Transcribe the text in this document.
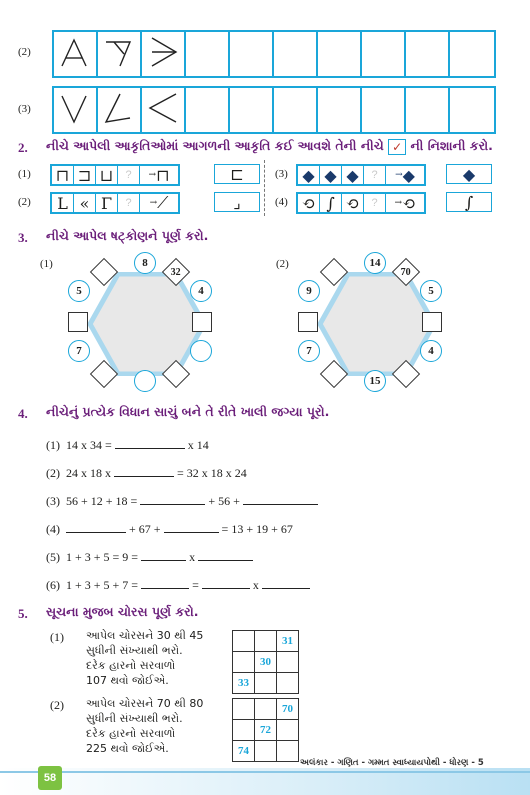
(2)
(3)
2. નીચે આપેલી આકૃતિઓમાં આગળની આકૃતિ કઈ આવશે તેની નીચે ✓ ની નિશાની કરો.
(1) ⊓ ⊐ ⊔ ? → ⊓	⊏	(3) ◆ ◆ ◆ ? → ◆	◆
(2) L « Γ ? → ⟋	⌟	(4) ⟲ ∫ ⟲ ? → ⟲	∫
3. નીચે આપેલ ષટ્કોણને પૂર્ણ કરો.
(1)	8
32
5	4
7
(2)	14
70
9	5
7	4
15
4. નીચેનું પ્રત્યેક વિધાન સાચું બને તે રીતે ખાલી જગ્યા પૂરો.
(1) 14 x 34 =	x 14
(2) 24 x 18 x	= 32 x 18 x 24
(3) 56 + 12 + 18 =	+ 56 +
(4)	+ 67 +	= 13 + 19 + 67
(5) 1 + 3 + 5 = 9 =	x
(6) 1 + 3 + 5 + 7 =	=	x
5. સૂચના મુજબ ચોરસ પૂર્ણ કરો.
(1) આપેલ ચોરસને 30 થી 45
સુધીની સંખ્યાથી ભરો.
દરેક હારનો સરવાળો
107 થવો જોઈએ.
		31
	30	
33		
(2) આપેલ ચોરસને 70 થી 80
સુધીની સંખ્યાથી ભરો.
દરેક હારનો સરવાળો
225 થવો જોઈએ.
		70
	72	
74		
અલંકાર - ગણિત - ગમ્મત સ્વાધ્યાયપોથી - ધોરણ - 5
58
